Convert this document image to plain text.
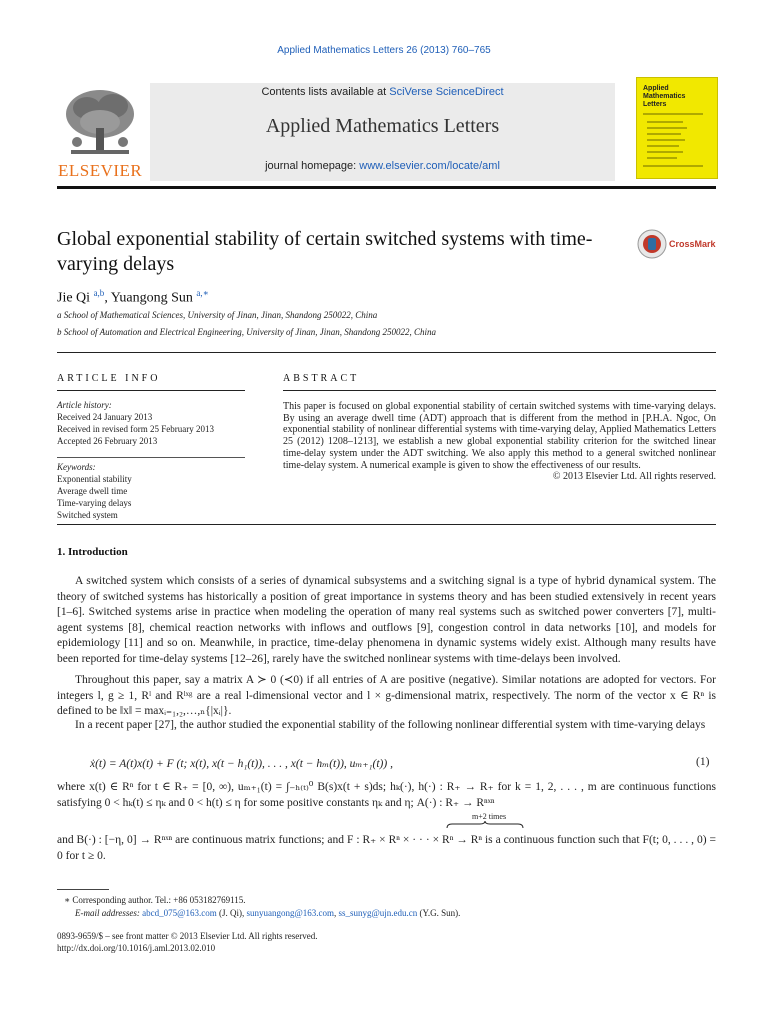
Applied Mathematics Letters 26 (2013) 760–765
ELSEVIER
Contents lists available at SciVerse ScienceDirect
Applied Mathematics Letters
journal homepage: www.elsevier.com/locate/aml
Applied Mathematics Letters
Global exponential stability of certain switched systems with time-varying delays
CrossMark
Jie Qi $^{a,b}$, Yuangong Sun $^{a,∗}$
a School of Mathematical Sciences, University of Jinan, Jinan, Shandong 250022, China
b School of Automation and Electrical Engineering, University of Jinan, Jinan, Shandong 250022, China
ARTICLE INFO	ABSTRACT
Article history:
Received 24 January 2013
Received in revised form 25 February 2013
Accepted 26 February 2013
Keywords:
Exponential stability
Average dwell time
Time-varying delays
Switched system
This paper is focused on global exponential stability of certain switched systems with time-varying delays. By using an average dwell time (ADT) approach that is different from the method in [P.H.A. Ngoc, On exponential stability of nonlinear differential systems with time-varying delay, Applied Mathematics Letters 25 (2012) 1208–1213], we establish a new global exponential stability criterion for the switched linear time-delay system under the ADT switching. We also apply this method to a general switched nonlinear time-delay system. A numerical example is given to show the effectiveness of our results.
© 2013 Elsevier Ltd. All rights reserved.
1. Introduction
A switched system which consists of a series of dynamical subsystems and a switching signal is a type of hybrid dynamical system. The theory of switched systems has historically a position of great importance in systems theory and has been studied extensively in recent years [1–6]. Switched systems arise in practice when modeling the operation of many real systems such as switched power converters [7], multi-agent systems [8], chemical reaction networks with inflows and outflows [9], congestion control in data networks [10], and models for epidemiology [11] and so on. Meanwhile, in practice, time-delay phenomena in dynamic systems widely exist. Although many results have been reported for time-delay systems [12–26], rarely have the switched nonlinear systems with time-delays been involved.
Throughout this paper, say a matrix A ≻ 0 (≺0) if all entries of A are positive (negative). Similar notations are adopted for vectors. For integers l, g ≥ 1, Rˡ and Rˡˣᵍ are a real l-dimensional vector and l × g-dimensional matrix, respectively. The norm of the vector x ∈ Rⁿ is defined to be ‖x‖ = maxᵢ₌₁,₂,…,ₙ{|xᵢ|}.
In a recent paper [27], the author studied the exponential stability of the following nonlinear differential system with time-varying delays
ẋ(t) = A(t)x(t) + F (t; x(t), x(t − h₁(t)), . . . , x(t − hₘ(t)), uₘ₊₁(t)) ,	(1)
where x(t) ∈ Rⁿ for t ∈ R₊ = [0, ∞), uₘ₊₁(t) = ∫₋ₕ₍ₜ₎⁰ B(s)x(t + s)ds; hₖ(·), h(·) : R₊ → R₊ for k = 1, 2, . . . , m are continuous functions satisfying 0 < hₖ(t) ≤ ηₖ and 0 < h(t) ≤ η for some positive constants ηₖ and η; A(·) : R₊ → Rⁿˣⁿ
m+2 times
and B(·) : [−η, 0] → Rⁿˣⁿ are continuous matrix functions; and F : R₊ × Rⁿ × · · · × Rⁿ → Rⁿ is a continuous function such that F(t; 0, . . . , 0) = 0 for t ≥ 0.
∗ Corresponding author. Tel.: +86 053182769115.
E-mail addresses: abcd_075@163.com (J. Qi), sunyuangong@163.com, ss_sunyg@ujn.edu.cn (Y.G. Sun).
0893-9659/$ – see front matter © 2013 Elsevier Ltd. All rights reserved.
http://dx.doi.org/10.1016/j.aml.2013.02.010
